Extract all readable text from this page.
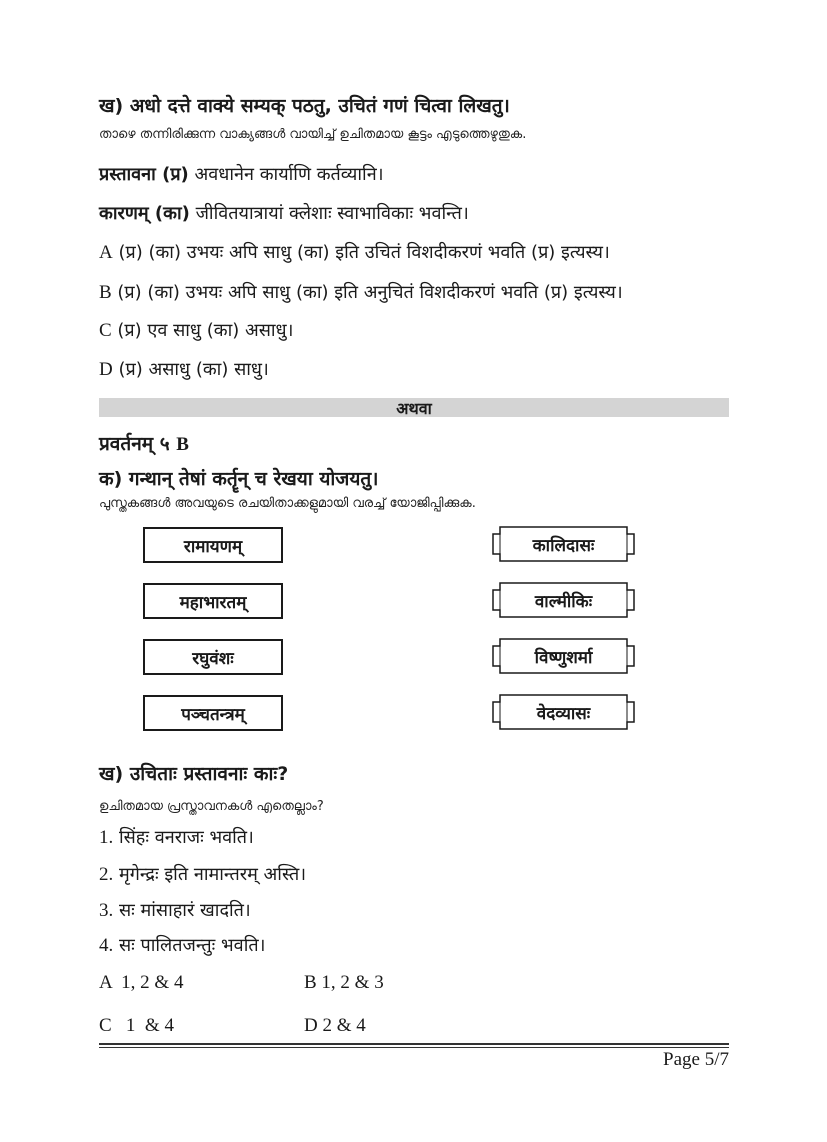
ख) अधो दत्ते वाक्ये सम्यक् पठतु, उचितं गणं चित्वा लिखतु।
താഴെ തന്നിരിക്കുന്ന വാക്യങ്ങൾ വായിച്ച് ഉചിതമായ കൂട്ടം എടുത്തെഴുതുക.
प्रस्तावना (प्र) अवधानेन कार्याणि कर्तव्यानि।
कारणम् (का) जीवितयात्रायां क्लेशाः स्वाभाविकाः भवन्ति।
A (प्र) (का) उभयः अपि साधु (का) इति उचितं विशदीकरणं भवति (प्र) इत्यस्य।
B (प्र) (का) उभयः अपि साधु (का) इति अनुचितं विशदीकरणं भवति (प्र) इत्यस्य।
C (प्र) एव साधु (का) असाधु।
D (प्र) असाधु (का) साधु।
अथवा
प्रवर्तनम् ५ B
क) गन्थान् तेषां कर्तॄन् च रेखया योजयतु।
പുസ്തകങ്ങൾ അവയുടെ രചയിതാക്കളുമായി വരച്ച് യോജിപ്പിക്കുക.
रामायणम्
महाभारतम्
रघुवंशः
पञ्चतन्त्रम्
कालिदासः
वाल्मीकिः
विष्णुशर्मा
वेदव्यासः
ख) उचिताः प्रस्तावनाः काः?
ഉചിതമായ പ്രസ്താവനകൾ എതെല്ലാം?
1. सिंहः वनराजः भवति।
2. मृगेन्द्रः इति नामान्तरम् अस्ति।
3. सः मांसाहारं खादति।
4. सः पालितजन्तुः भवति।
A  1, 2 & 4	B 1, 2 & 3
C   1  & 4	D 2 & 4
Page 5/7
